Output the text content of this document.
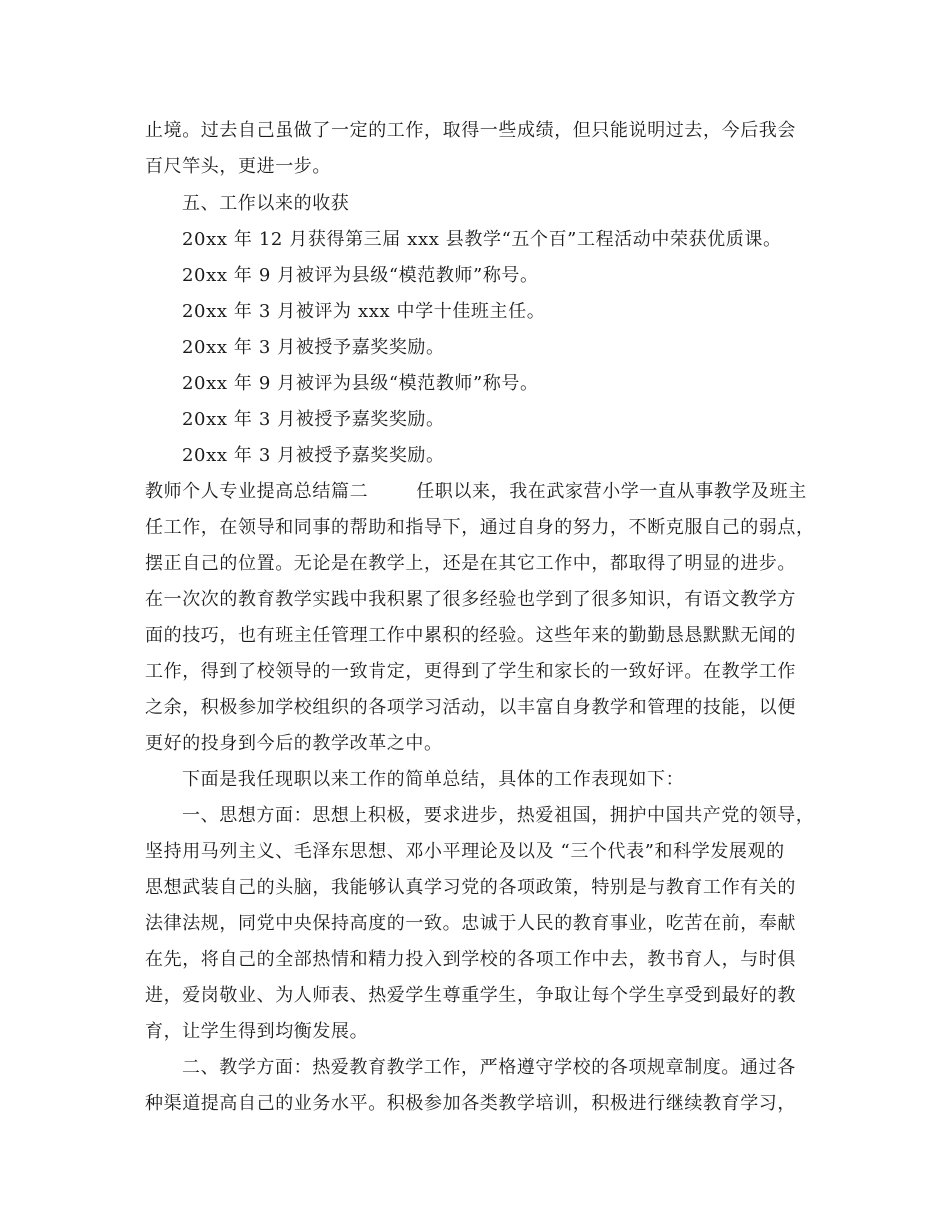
止境。过去自己虽做了一定的工作，取得一些成绩，但只能说明过去，今后我会
百尺竿头，更进一步。
五、工作以来的收获
20xx 年 12 月获得第三届 xxx 县教学“五个百”工程活动中荣获优质课。
20xx 年 9 月被评为县级“模范教师”称号。
20xx 年 3 月被评为 xxx 中学十佳班主任。
20xx 年 3 月被授予嘉奖奖励。
20xx 年 9 月被评为县级“模范教师”称号。
20xx 年 3 月被授予嘉奖奖励。
20xx 年 3 月被授予嘉奖奖励。
教师个人专业提高总结篇二	任职以来，我在武家营小学一直从事教学及班主
任工作，在领导和同事的帮助和指导下，通过自身的努力，不断克服自己的弱点，
摆正自己的位置。无论是在教学上，还是在其它工作中，都取得了明显的进步。
在一次次的教育教学实践中我积累了很多经验也学到了很多知识，有语文教学方
面的技巧，也有班主任管理工作中累积的经验。这些年来的勤勤恳恳默默无闻的
工作，得到了校领导的一致肯定，更得到了学生和家长的一致好评。在教学工作
之余，积极参加学校组织的各项学习活动，以丰富自身教学和管理的技能，以便
更好的投身到今后的教学改革之中。
下面是我任现职以来工作的简单总结，具体的工作表现如下：
一、思想方面：思想上积极，要求进步，热爱祖国，拥护中国共产党的领导，
坚持用马列主义、毛泽东思想、邓小平理论及以及 “三个代表”和科学发展观的
思想武装自己的头脑，我能够认真学习党的各项政策，特别是与教育工作有关的
法律法规，同党中央保持高度的一致。忠诚于人民的教育事业，吃苦在前，奉献
在先，将自己的全部热情和精力投入到学校的各项工作中去，教书育人，与时俱
进，爱岗敬业、为人师表、热爱学生尊重学生，争取让每个学生享受到最好的教
育，让学生得到均衡发展。
二、教学方面：热爱教育教学工作，严格遵守学校的各项规章制度。通过各
种渠道提高自己的业务水平。积极参加各类教学培训，积极进行继续教育学习，
